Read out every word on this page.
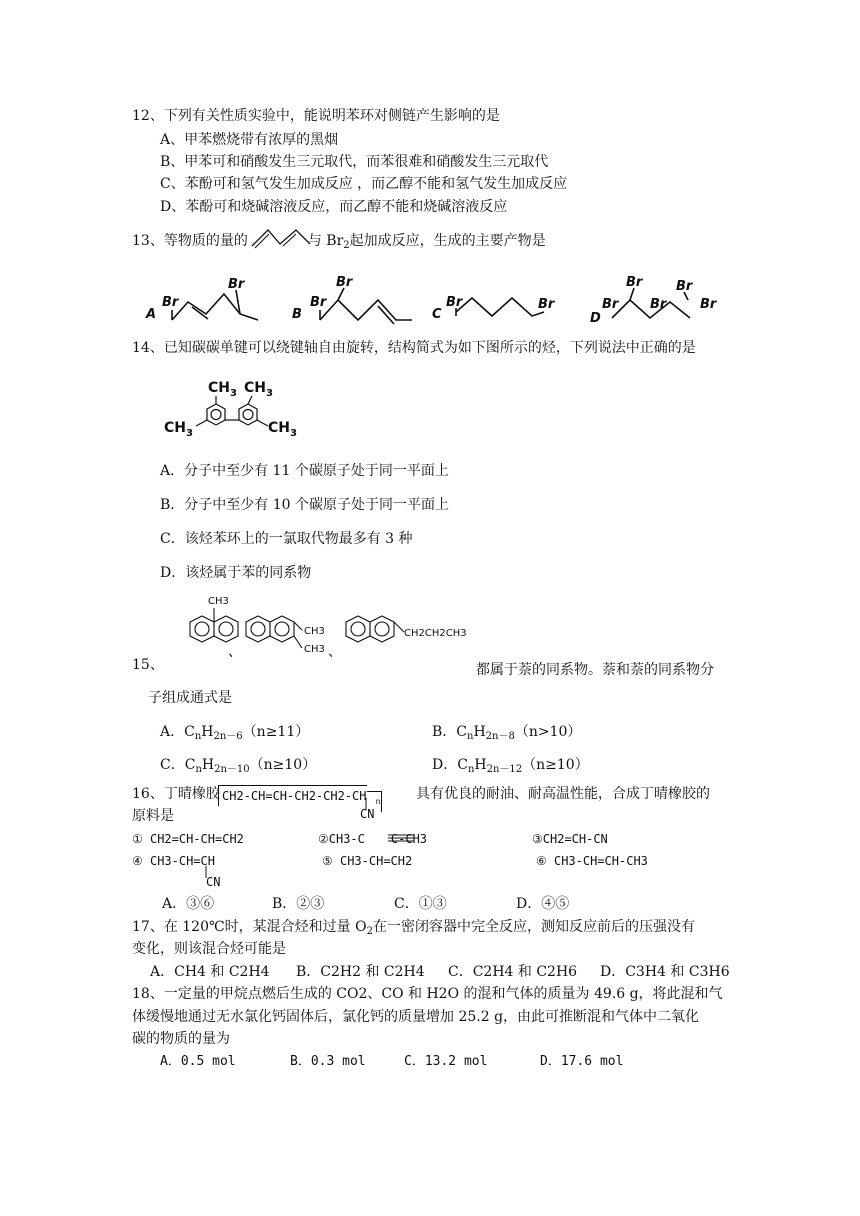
12、下列有关性质实验中，能说明苯环对侧链产生影响的是
A、甲苯燃烧带有浓厚的黑烟
B、甲苯可和硝酸发生三元取代，而苯很难和硝酸发生三元取代
C、苯酚可和氢气发生加成反应 ，而乙醇不能和氢气发生加成反应
D、苯酚可和烧碱溶液反应，而乙醇不能和烧碱溶液反应
13、等物质的量的	与 $Br_2$起加成反应，生成的主要产物是
A
Br
Br
B
Br
Br
C
Br	Br
D
Br
Br
Br
Br
Br
14、已知碳碳单键可以绕键轴自由旋转，结构简式为如下图所示的烃，下列说法中正确的是
$CH_3$ $CH_3$
$CH_3$	$CH_3$
A．分子中至少有 11 个碳原子处于同一平面上
B．分子中至少有 10 个碳原子处于同一平面上
C．该烃苯环上的一氯取代物最多有 3 种
D．该烃属于苯的同系物
CH3
CH3
CH3
CH2CH2CH3
、	、
15、	都属于萘的同系物。萘和萘的同系物分
子组成通式是
A．$C_nH_{2n-6}(n\ge 11)$	B．$C_nH_{2n-8}(n>10)$
C．$C_nH_{2n-10}(n\ge 10)$	D．$C_nH_{2n-12}(n\ge 10)$
16、丁晴橡胶 CH2-CH=CH-CH2-CH2-CH n
CN
具有优良的耐油、耐高温性能，合成丁晴橡胶的
原料是
① CH2=CH-CH=CH2	②CH3-C C-CH3	③CH2=CH-CN
④ CH3-CH=CH
CN
⑤ CH3-CH=CH2	⑥ CH3-CH=CH-CH3
A．③⑥	B．②③	C．①③	D．④⑤
17、在 120℃时，某混合烃和过量 $O_2$在一密闭容器中完全反应，测知反应前后的压强没有
变化，则该混合烃可能是
A．CH4 和 C2H4 B．C2H2 和 C2H4 C．C2H4 和 C2H6 D．C3H4 和 C3H6
18、一定量的甲烷点燃后生成的 CO2、CO 和 H2O 的混和气体的质量为 49.6 g，将此混和气
体缓慢地通过无水氯化钙固体后，氯化钙的质量增加 25.2 g，由此可推断混和气体中二氧化
碳的物质的量为
A．0.5 mol	B．0.3 mol	C．13.2 mol	D．17.6 mol
